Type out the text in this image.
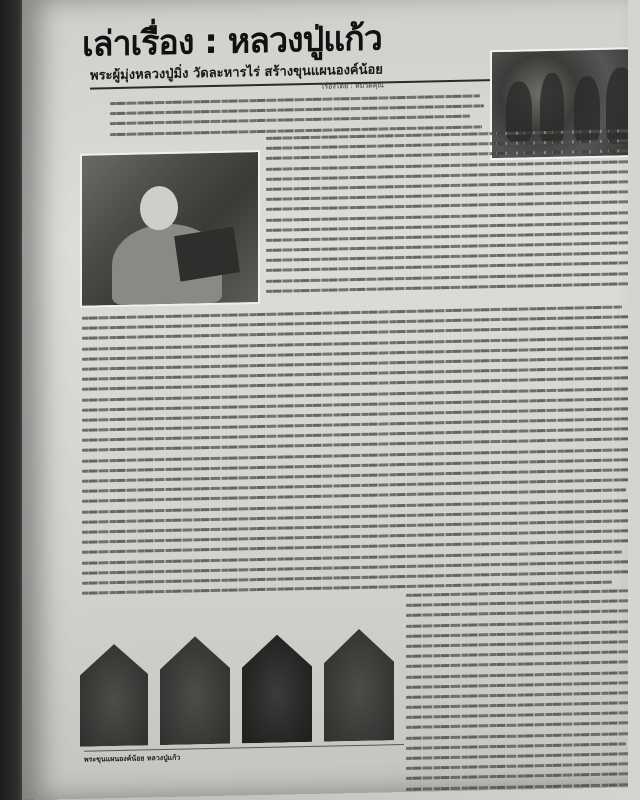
เล่าเรื่อง : หลวงปู่แก้ว
พระผู้มุ่งหลวงปู่มิ่ง วัดละหารไร่ สร้างขุนแผนองค์น้อย
เรื่องโดย : หมวดคุณ
พระขุนแผนองค์น้อย หลวงปู่แก้ว
